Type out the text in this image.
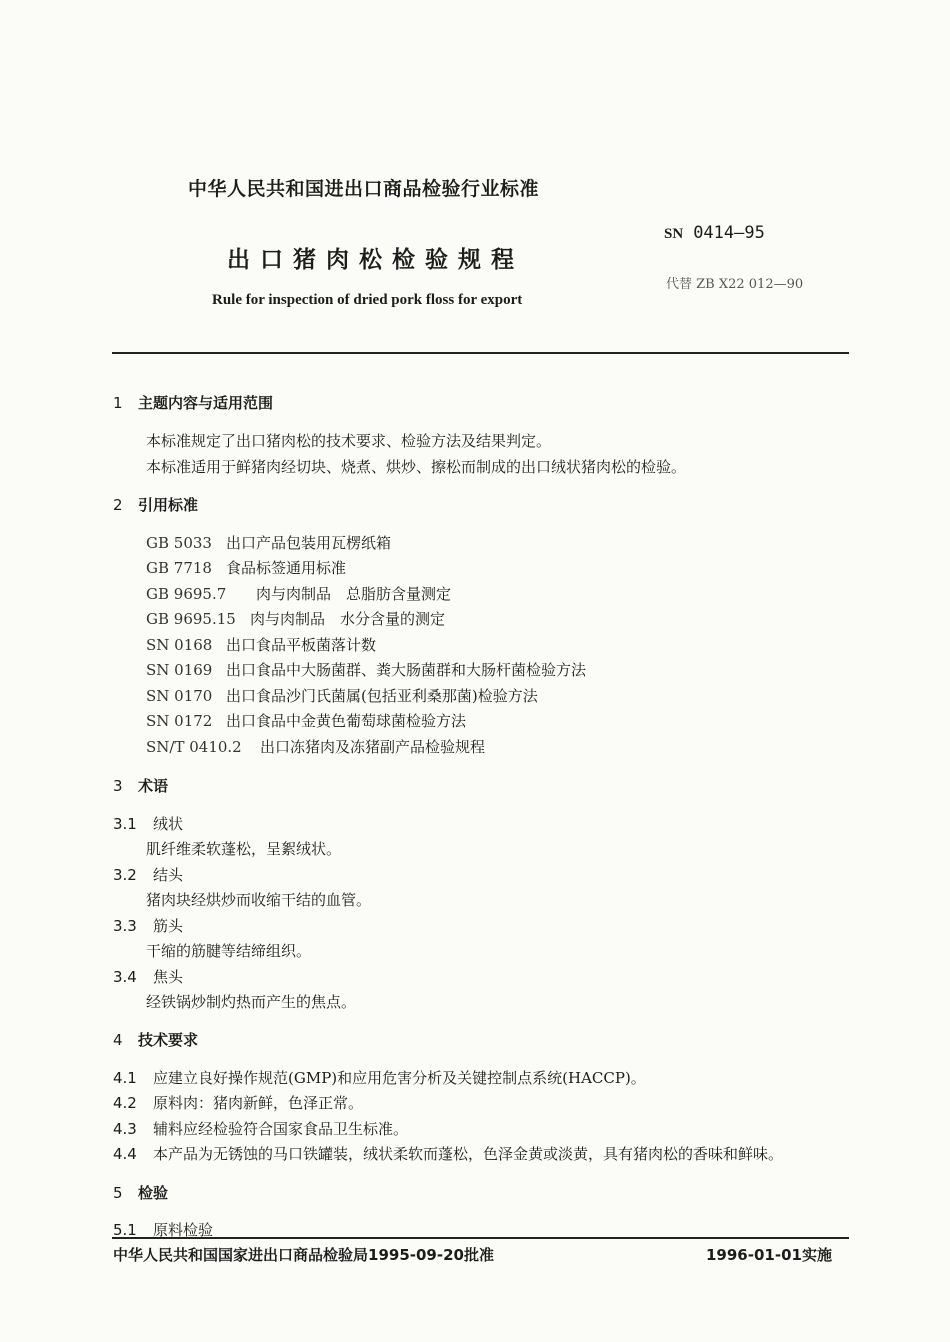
中华人民共和国进出口商品检验行业标准
SN 0414—95
出口猪肉松检验规程
代替 ZB X22 012—90
Rule for inspection of dried pork floss for export
1 主题内容与适用范围
本标准规定了出口猪肉松的技术要求、检验方法及结果判定。
本标准适用于鲜猪肉经切块、烧煮、烘炒、擦松而制成的出口绒状猪肉松的检验。
2 引用标准
GB 5033 出口产品包装用瓦楞纸箱
GB 7718 食品标签通用标准
GB 9695.7 肉与肉制品　总脂肪含量测定
GB 9695.15 肉与肉制品　水分含量的测定
SN 0168 出口食品平板菌落计数
SN 0169 出口食品中大肠菌群、粪大肠菌群和大肠杆菌检验方法
SN 0170 出口食品沙门氏菌属(包括亚利桑那菌)检验方法
SN 0172 出口食品中金黄色葡萄球菌检验方法
SN/T 0410.2 出口冻猪肉及冻猪副产品检验规程
3 术语
3.1 绒状
肌纤维柔软蓬松，呈絮绒状。
3.2 结头
猪肉块经烘炒而收缩干结的血管。
3.3 筋头
干缩的筋腱等结缔组织。
3.4 焦头
经铁锅炒制灼热而产生的焦点。
4 技术要求
4.1 应建立良好操作规范(GMP)和应用危害分析及关键控制点系统(HACCP)。
4.2 原料肉：猪肉新鲜，色泽正常。
4.3 辅料应经检验符合国家食品卫生标准。
4.4 本产品为无锈蚀的马口铁罐装，绒状柔软而蓬松，色泽金黄或淡黄，具有猪肉松的香味和鲜味。
5 检验
5.1 原料检验
中华人民共和国国家进出口商品检验局1995-09-20批准	1996-01-01实施
